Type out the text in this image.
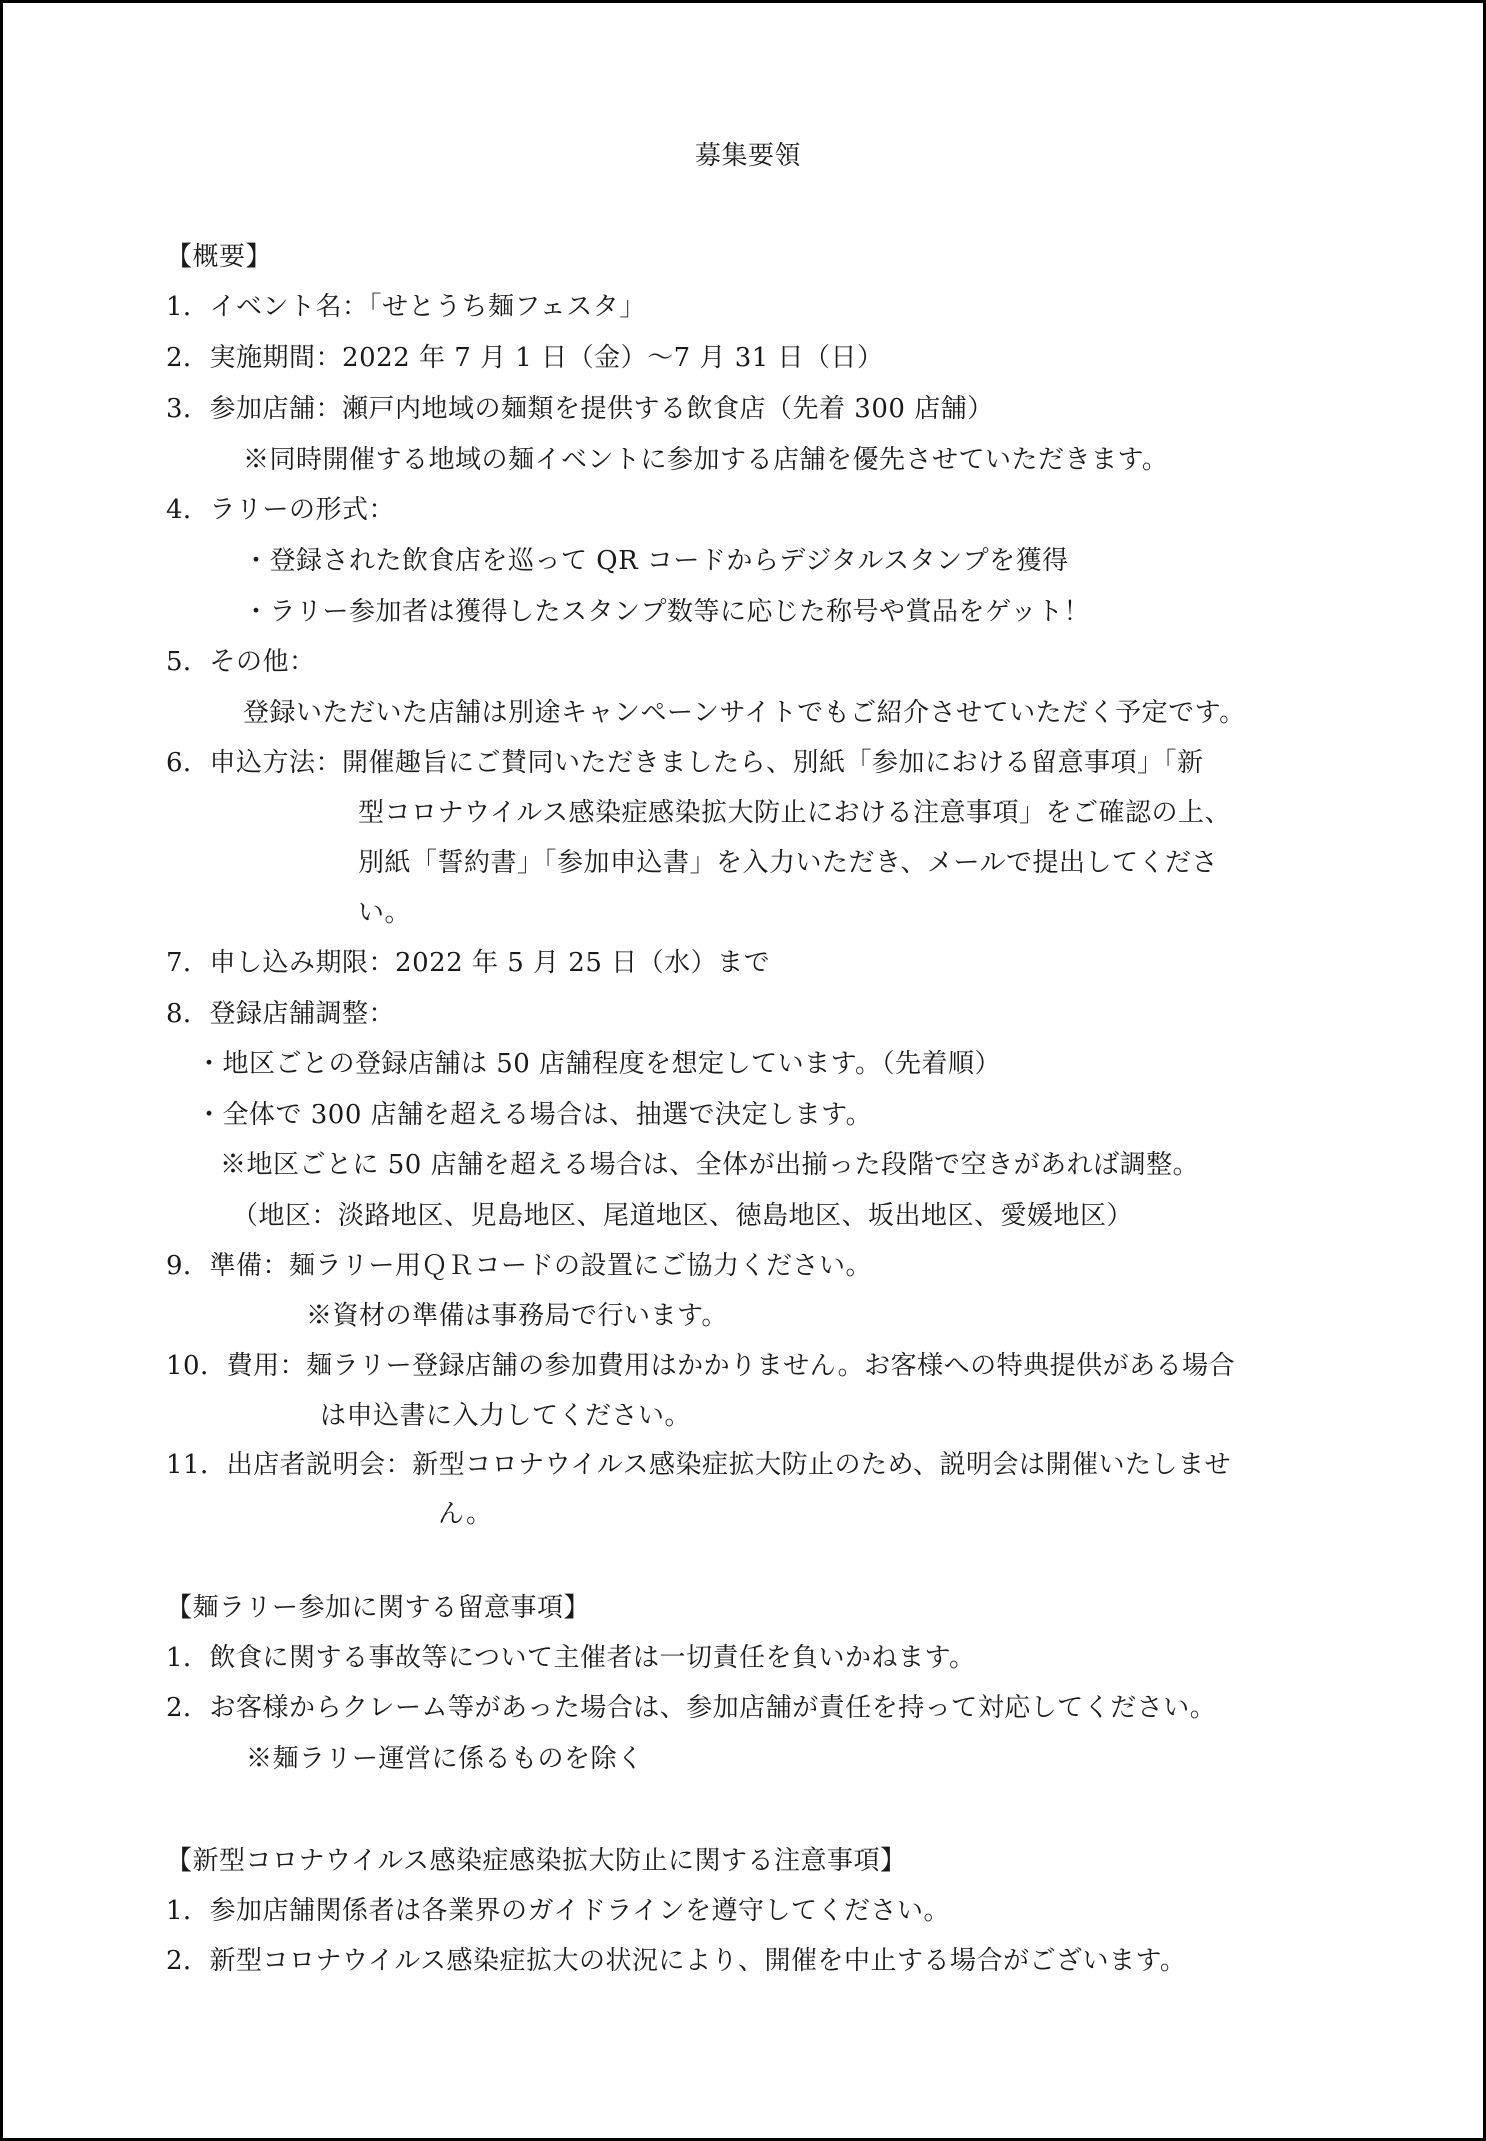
募集要領
【概要】
1．イベント名：「せとうち麺フェスタ」
2．実施期間：2022 年 7 月 1 日（金）～7 月 31 日（日）
3．参加店舗：瀬戸内地域の麺類を提供する飲食店（先着 300 店舗）
※同時開催する地域の麺イベントに参加する店舗を優先させていただきます。
4．ラリーの形式：
・登録された飲食店を巡って QR コードからデジタルスタンプを獲得
・ラリー参加者は獲得したスタンプ数等に応じた称号や賞品をゲット！
5．その他：
登録いただいた店舗は別途キャンペーンサイトでもご紹介させていただく予定です。
6．申込方法：開催趣旨にご賛同いただきましたら、別紙「参加における留意事項」「新
型コロナウイルス感染症感染拡大防止における注意事項」をご確認の上、
別紙「誓約書」「参加申込書」を入力いただき、メールで提出してくださ
い。
7．申し込み期限：2022 年 5 月 25 日（水）まで
8．登録店舗調整：
・地区ごとの登録店舗は 50 店舗程度を想定しています。（先着順）
・全体で 300 店舗を超える場合は、抽選で決定します。
※地区ごとに 50 店舗を超える場合は、全体が出揃った段階で空きがあれば調整。
（地区：淡路地区、児島地区、尾道地区、徳島地区、坂出地区、愛媛地区）
9．準備：麺ラリー用ＱＲコードの設置にご協力ください。
※資材の準備は事務局で行います。
10．費用：麺ラリー登録店舗の参加費用はかかりません。お客様への特典提供がある場合
は申込書に入力してください。
11．出店者説明会：新型コロナウイルス感染症拡大防止のため、説明会は開催いたしませ
ん。
【麺ラリー参加に関する留意事項】
1．飲食に関する事故等について主催者は一切責任を負いかねます。
2．お客様からクレーム等があった場合は、参加店舗が責任を持って対応してください。
※麺ラリー運営に係るものを除く
【新型コロナウイルス感染症感染拡大防止に関する注意事項】
1．参加店舗関係者は各業界のガイドラインを遵守してください。
2．新型コロナウイルス感染症拡大の状況により、開催を中止する場合がございます。
